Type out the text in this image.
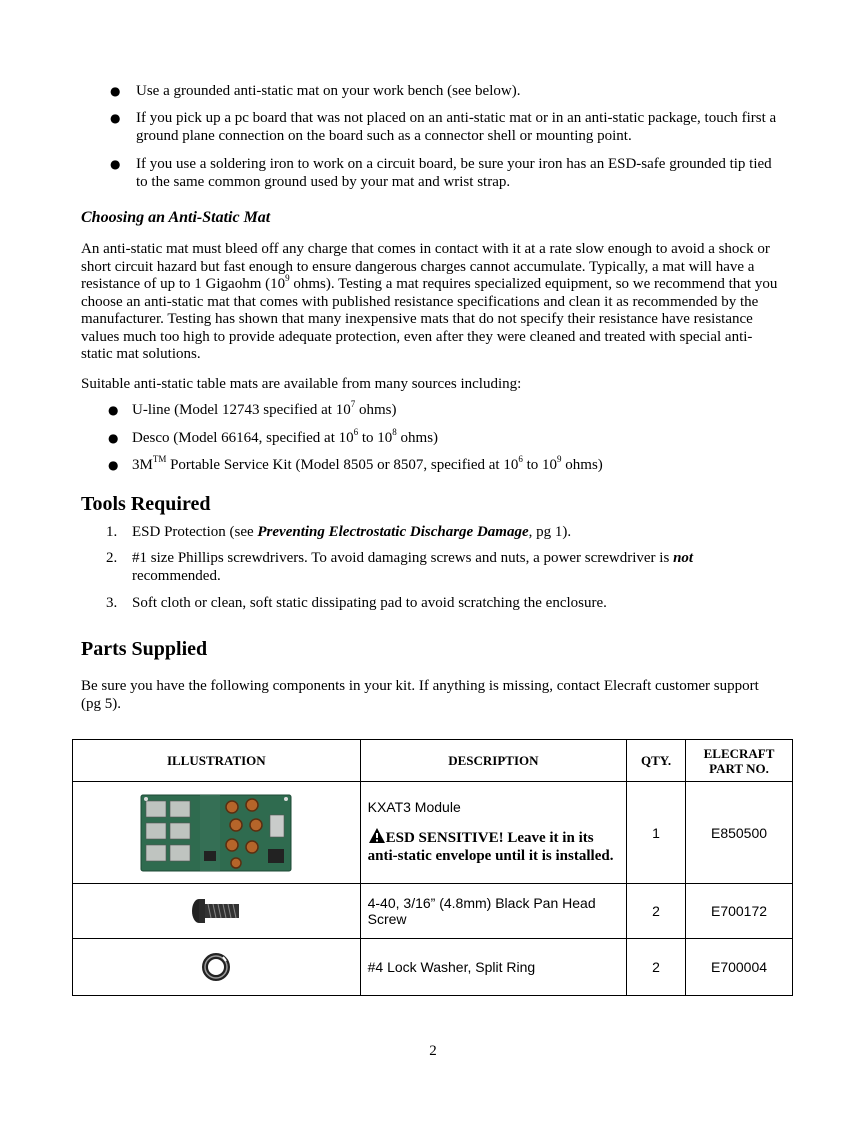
● Use a grounded anti-static mat on your work bench (see below).

● If you pick up a pc board that was not placed on an anti-static mat or in an anti-static package, touch first a ground plane connection on the board such as a connector shell or mounting point.

● If you use a soldering iron to work on a circuit board, be sure your iron has an ESD-safe grounded tip tied to the same common ground used by your mat and wrist strap.

Choosing an Anti-Static Mat

An anti-static mat must bleed off any charge that comes in contact with it at a rate slow enough to avoid a shock or short circuit hazard but fast enough to ensure dangerous charges cannot accumulate. Typically, a mat will have a resistance of up to 1 Gigaohm ($10^9$ ohms). Testing a mat requires specialized equipment, so we recommend that you choose an anti-static mat that comes with published resistance specifications and clean it as recommended by the manufacturer. Testing has shown that many inexpensive mats that do not specify their resistance have resistance values much too high to provide adequate protection, even after they were cleaned and treated with special anti-static mat solutions.

Suitable anti-static table mats are available from many sources including:

● U-line (Model 12743 specified at $10^7$ ohms)

● Desco (Model 66164, specified at $10^6$ to $10^8$ ohms)

● 3M™ Portable Service Kit (Model 8505 or 8507, specified at $10^6$ to $10^9$ ohms)

Tools Required
1. ESD Protection (see Preventing Electrostatic Discharge Damage, pg 1).

2. #1 size Phillips screwdrivers. To avoid damaging screws and nuts, a power screwdriver is not recommended.

3. Soft cloth or clean, soft static dissipating pad to avoid scratching the enclosure.

Parts Supplied

Be sure you have the following components in your kit. If anything is missing, contact Elecraft customer support (pg 5).

ILLUSTRATION	DESCRIPTION	QTY.	ELECRAFT PART NO.

KXAT3 Module
ESD SENSITIVE! Leave it in its anti-static envelope until it is installed.	1	E850500

	4-40, 3/16” (4.8mm) Black Pan Head Screw	2	E700172

	#4 Lock Washer, Split Ring	2	E700004
2
